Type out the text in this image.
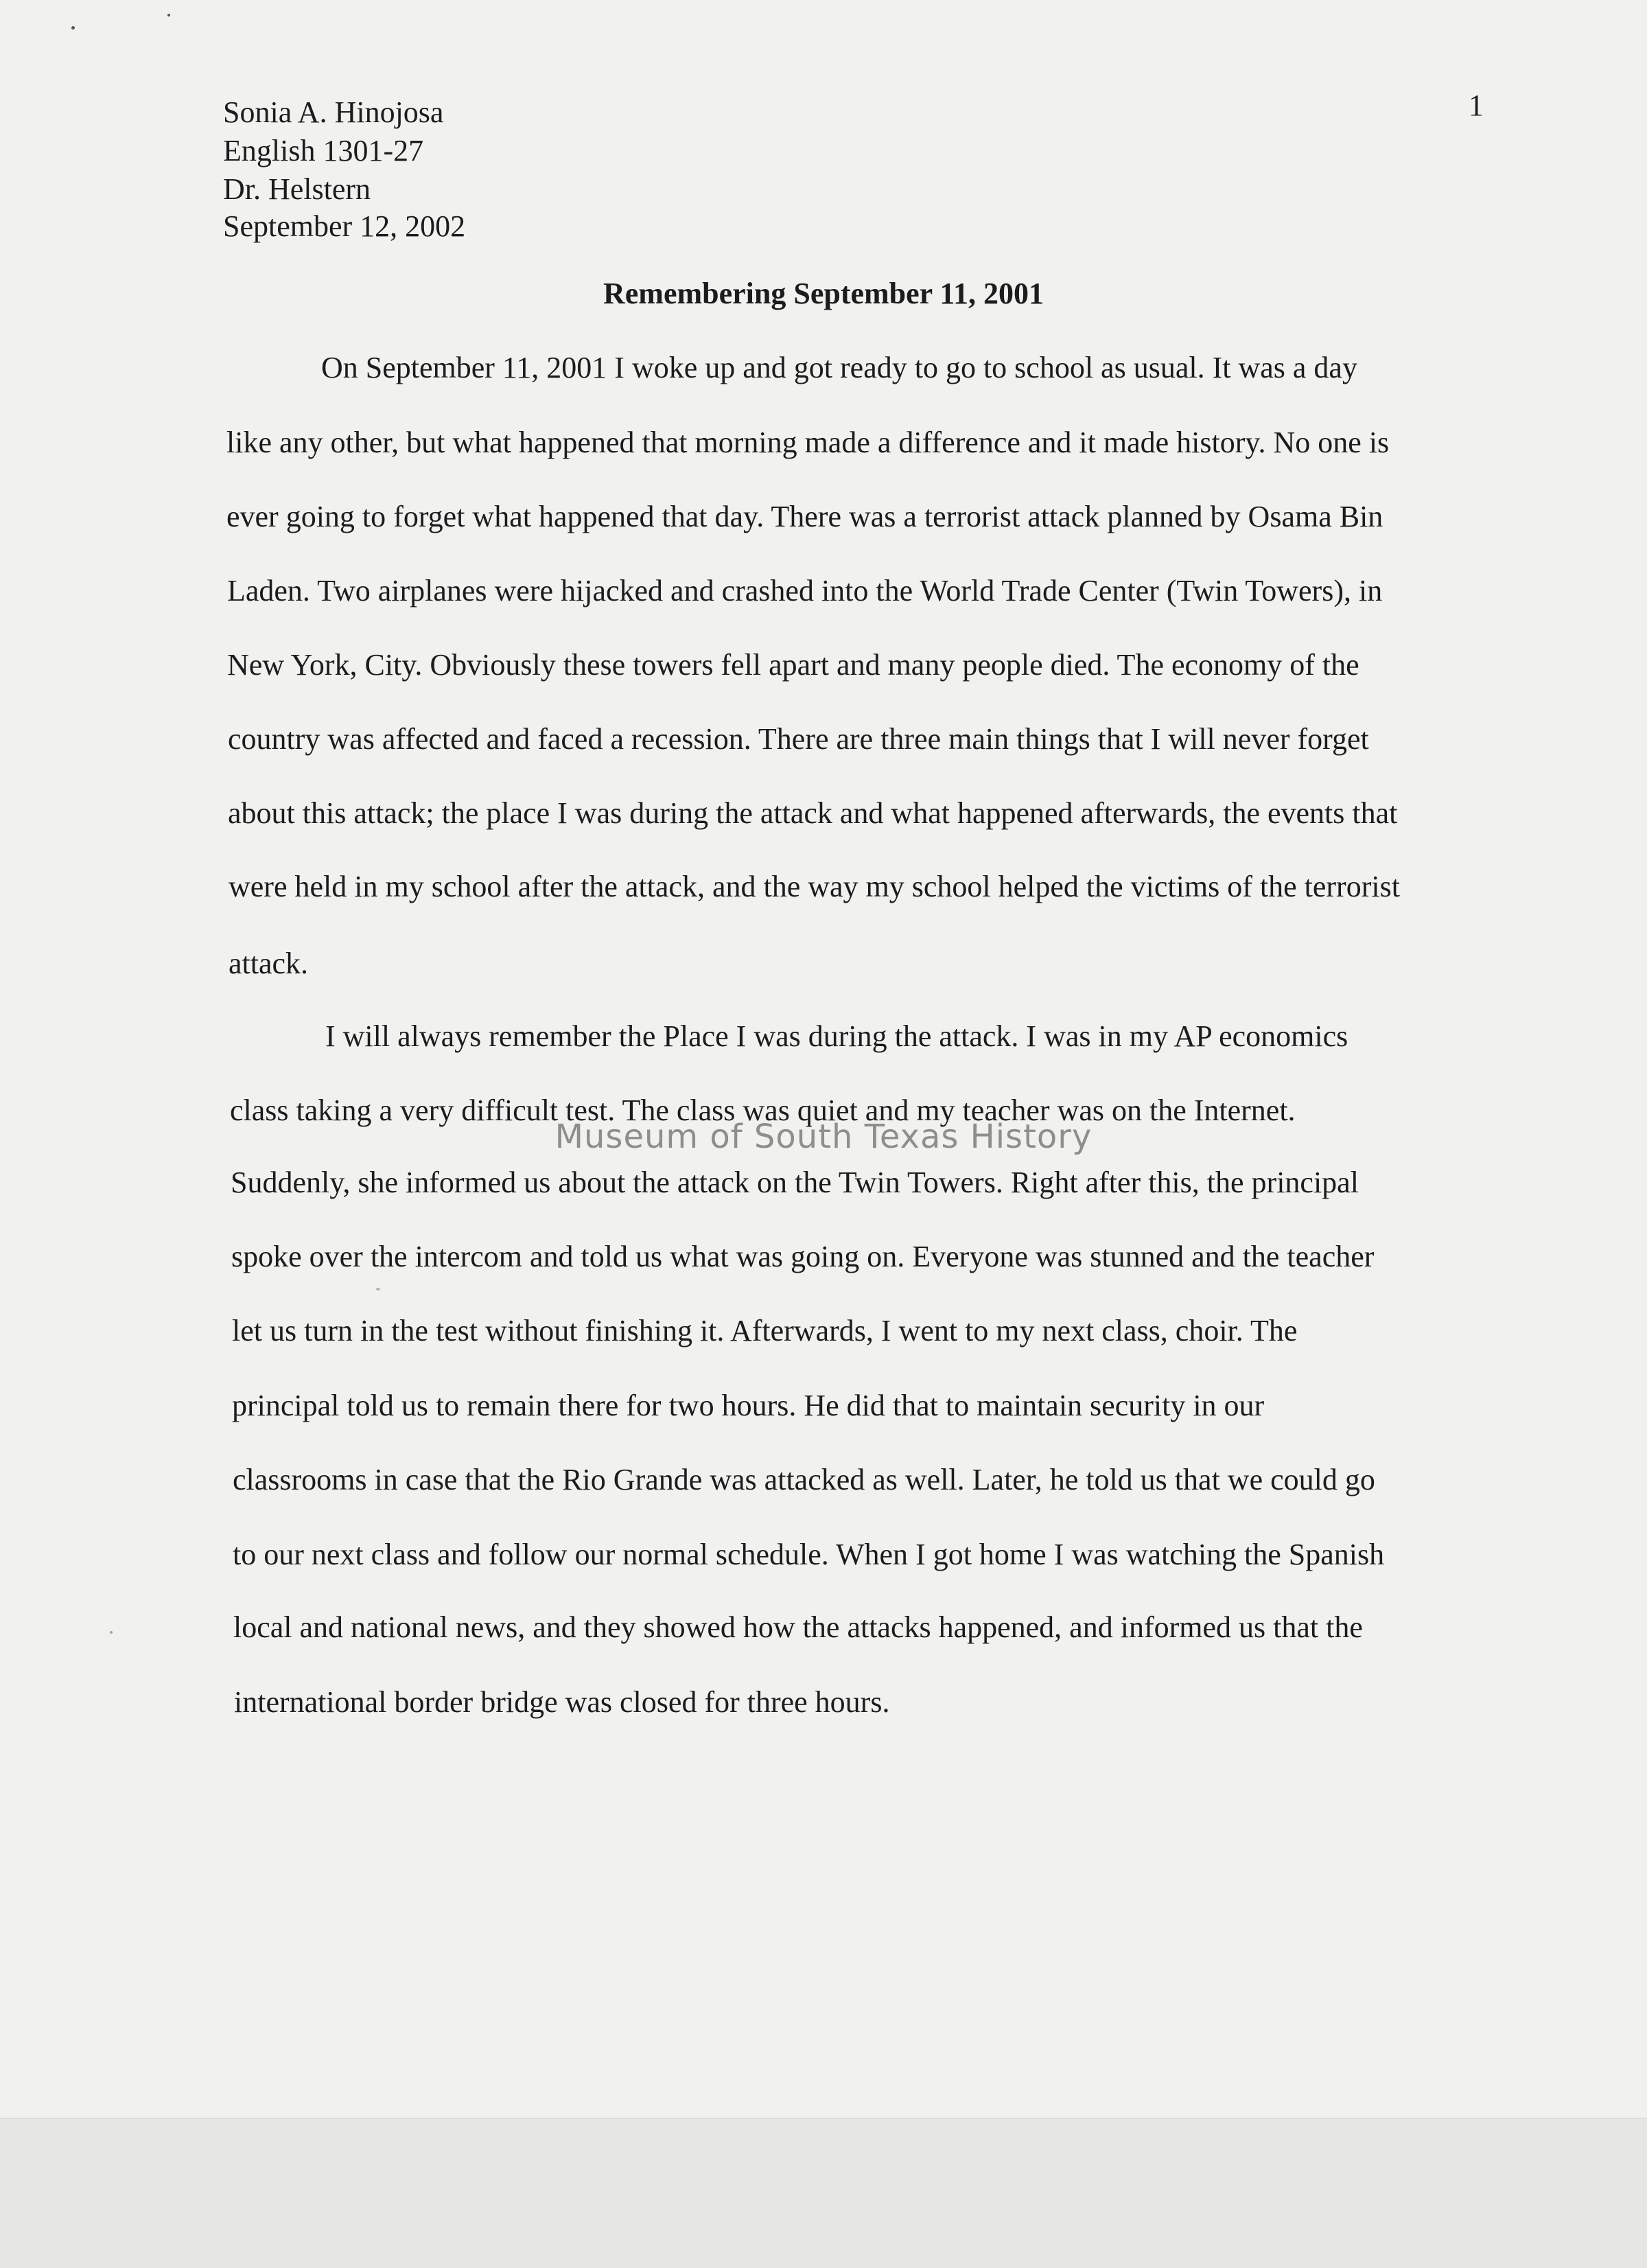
Sonia A. Hinojosa
English 1301-27
Dr. Helstern
September 12, 2002
1
Remembering September 11, 2001
On September 11, 2001 I woke up and got ready to go to school as usual. It was a day
like any other, but what happened that morning made a difference and it made history. No one is
ever going to forget what happened that day. There was a terrorist attack planned by Osama Bin
Laden. Two airplanes were hijacked and crashed into the World Trade Center (Twin Towers), in
New York, City. Obviously these towers fell apart and many people died. The economy of the
country was affected and faced a recession. There are three main things that I will never forget
about this attack; the place I was during the attack and what happened afterwards, the events that
were held in my school after the attack, and the way my school helped the victims of the terrorist
attack.
I will always remember the Place I was during the attack. I was in my AP economics
class taking a very difficult test. The class was quiet and my teacher was on the Internet.
Suddenly, she informed us about the attack on the Twin Towers. Right after this, the principal
spoke over the intercom and told us what was going on. Everyone was stunned and the teacher
let us turn in the test without finishing it. Afterwards, I went to my next class, choir. The
principal told us to remain there for two hours. He did that to maintain security in our
classrooms in case that the Rio Grande was attacked as well. Later, he told us that we could go
to our next class and follow our normal schedule. When I got home I was watching the Spanish
local and national news, and they showed how the attacks happened, and informed us that the
international border bridge was closed for three hours.
Museum of South Texas History
